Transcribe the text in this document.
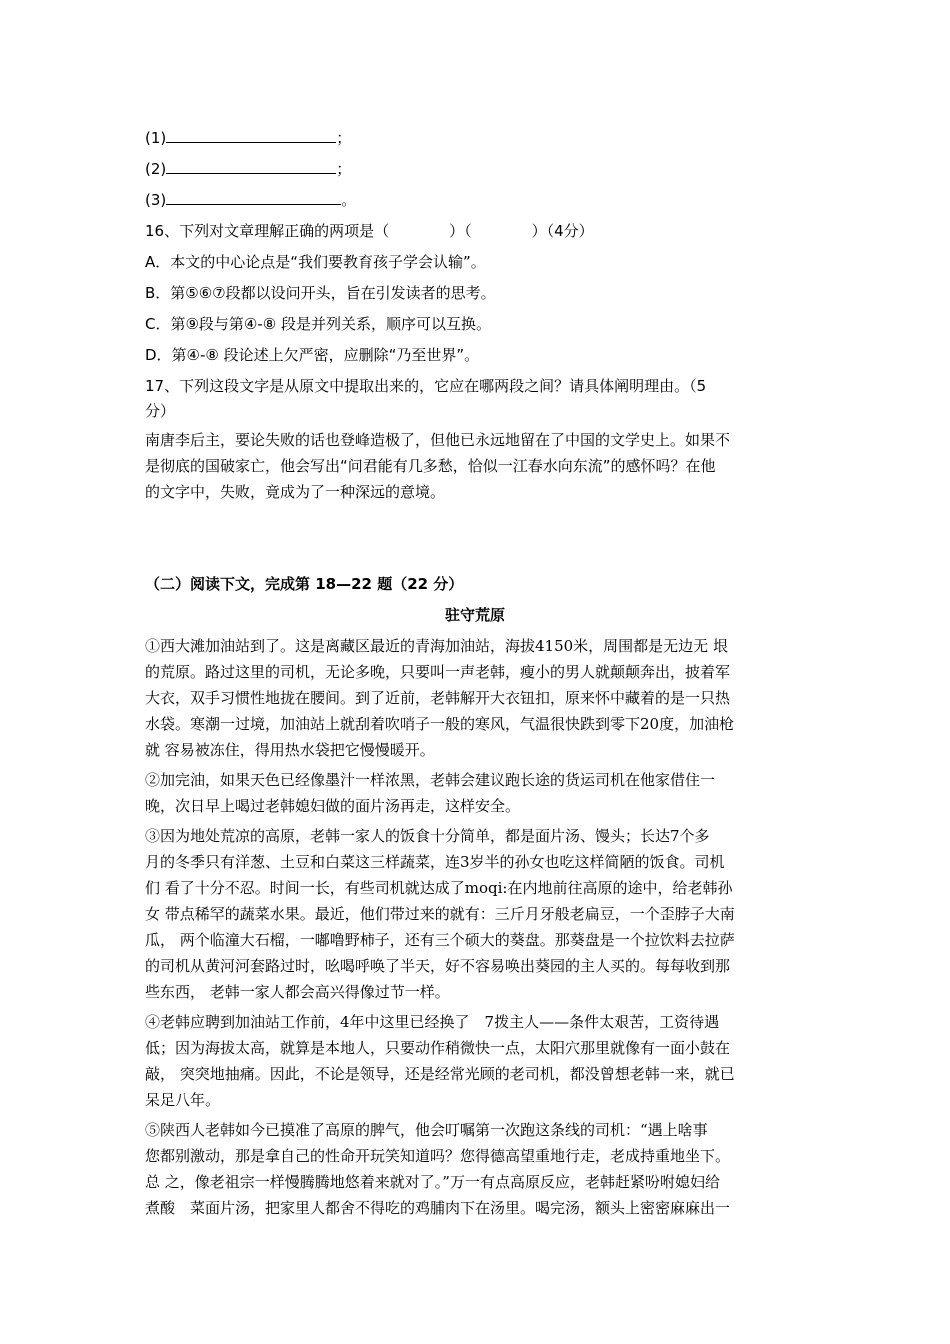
(1)	；
(2)	；
(3)	。
16、下列对文章理解正确的两项是（　　　　）（　　　　）（4分）
A．本文的中心论点是“我们要教育孩子学会认输”。
B．第⑤⑥⑦段都以设问开头，旨在引发读者的思考。
C．第⑨段与第④-⑧ 段是并列关系，顺序可以互换。
D．第④-⑧ 段论述上欠严密，应删除“乃至世界”。
17、下列这段文字是从原文中提取出来的，它应在哪两段之间？请具体阐明理由。（5
分）
南唐李后主，要论失败的话也登峰造极了，但他已永远地留在了中国的文学史上。如果不
是彻底的国破家亡，他会写出“问君能有几多愁，恰似一江春水向东流”的感怀吗？在他
的文字中，失败，竟成为了一种深远的意境。
（二）阅读下文，完成第 18—22 题（22 分）
驻守荒原
①西大滩加油站到了。这是离藏区最近的青海加油站，海拔4150米，周围都是无边无 垠
的荒原。路过这里的司机，无论多晚，只要叫一声老韩，瘦小的男人就颠颠奔出，披着军
大衣，双手习惯性地拢在腰间。到了近前，老韩解开大衣钮扣，原来怀中藏着的是一只热
水袋。寒潮一过境，加油站上就刮着吹哨子一般的寒风，气温很快跌到零下20度，加油枪
就 容易被冻住，得用热水袋把它慢慢暖开。
②加完油，如果天色已经像墨汁一样浓黑，老韩会建议跑长途的货运司机在他家借住一
晚，次日早上喝过老韩媳妇做的面片汤再走，这样安全。
③因为地处荒凉的高原，老韩一家人的饭食十分简单，都是面片汤、馒头；长达7个多
月的冬季只有洋葱、土豆和白菜这三样蔬菜，连3岁半的孙女也吃这样简陋的饭食。司机
们 看了十分不忍。时间一长，有些司机就达成了moqi:在内地前往高原的途中，给老韩孙
女 带点稀罕的蔬菜水果。最近，他们带过来的就有：三斤月牙般老扁豆，一个歪脖子大南
瓜， 两个临潼大石榴，一嘟噜野柿子，还有三个硕大的葵盘。那葵盘是一个拉饮料去拉萨
的司机从黄河河套路过时，吆喝呼唤了半天，好不容易唤出葵园的主人买的。每每收到那
些东西， 老韩一家人都会高兴得像过节一样。
④老韩应聘到加油站工作前，4年中这里已经换了　7拨主人——条件太艰苦，工资待遇
低；因为海拔太高，就算是本地人，只要动作稍微快一点，太阳穴那里就像有一面小鼓在
敲， 突突地抽痛。因此，不论是领导，还是经常光顾的老司机，都没曾想老韩一来，就已
呆足八年。
⑤陕西人老韩如今已摸准了高原的脾气，他会叮嘱第一次跑这条线的司机：“遇上啥事
您都别激动，那是拿自己的性命开玩笑知道吗？您得德高望重地行走，老成持重地坐下。
总 之，像老祖宗一样慢腾腾地悠着来就对了。”万一有点高原反应，老韩赶紧吩咐媳妇给
煮酸　菜面片汤，把家里人都舍不得吃的鸡脯肉下在汤里。喝完汤，额头上密密麻麻出一
